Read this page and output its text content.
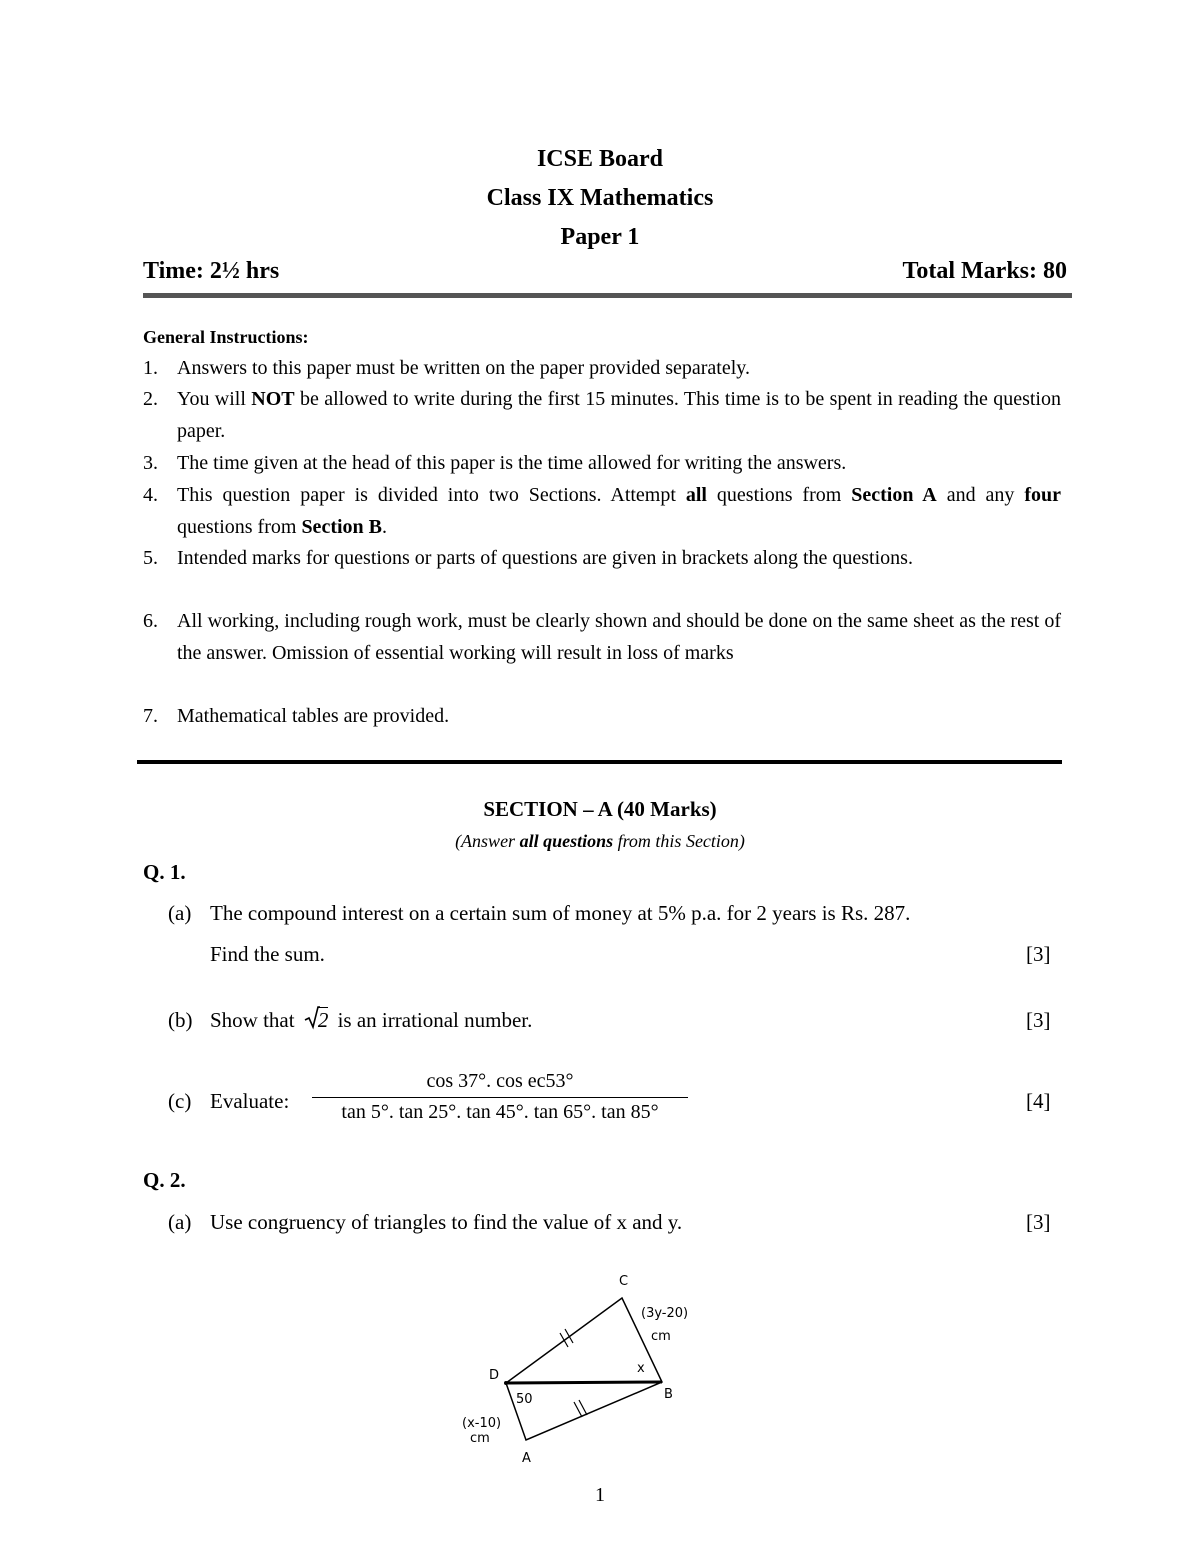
ICSE Board
Class IX Mathematics
Paper 1
Time: 2½ hrs	Total Marks: 80
General Instructions:
1. Answers to this paper must be written on the paper provided separately.
2. You will NOT be allowed to write during the first 15 minutes. This time is to be spent in reading the question paper.
3. The time given at the head of this paper is the time allowed for writing the answers.
4. This question paper is divided into two Sections. Attempt all questions from Section A and any four questions from Section B.
5. Intended marks for questions or parts of questions are given in brackets along the questions.
6. All working, including rough work, must be clearly shown and should be done on the same sheet as the rest of the answer. Omission of essential working will result in loss of marks
7. Mathematical tables are provided.
SECTION – A (40 Marks)
(Answer all questions from this Section)
Q. 1.
(a) The compound interest on a certain sum of money at 5% p.a. for 2 years is Rs. 287.
Find the sum.	[3]
(b) Show that 2 is an irrational number.	[3]
(c) Evaluate:
cos 37°. cos ec53°
tan 5°. tan 25°. tan 45°. tan 65°. tan 85°	[4]
Q. 2.
(a) Use congruency of triangles to find the value of x and y.	[3]
C
D
B
A
(3y-20)
cm
x
50
(x-10)
cm
1
